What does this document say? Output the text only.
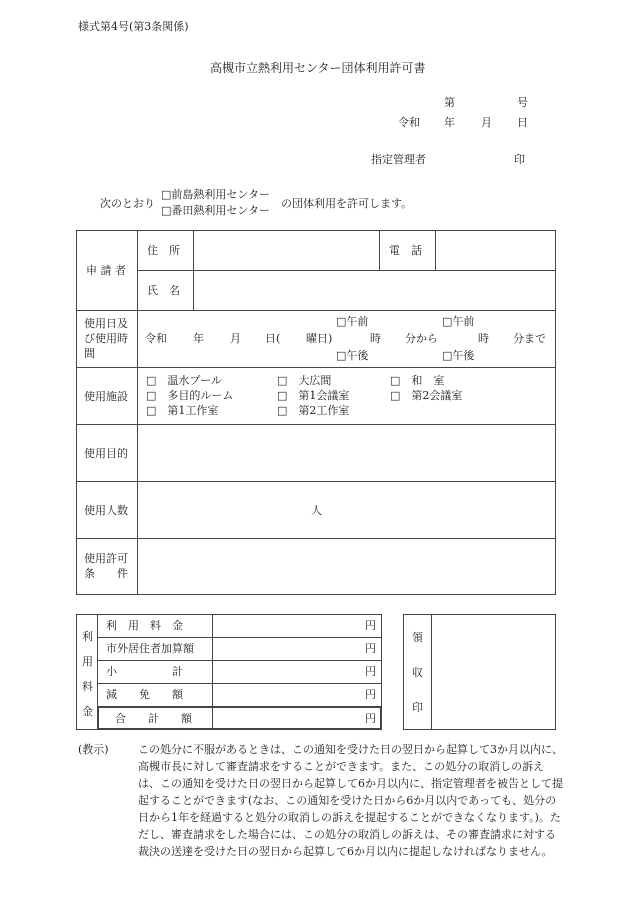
様式第4号(第3条関係)
高槻市立熱利用センター団体利用許可書
第	号
令和 年 月 日
指定管理者	印
次のとおり
□前島熱利用センター
□番田熱利用センター
の団体利用を許可します。
申 請 者
住　所	電　話
氏　名
使用日及
び使用時
間
□午前	□午前
令和 年 月 日( 曜日)	時 分から	時 分まで
□午後	□午後
使用施設
□　温水プール	□　大広間	□　和　室
□　多目的ルーム	□　第1会議室	□　第2会議室
□　第1工作室	□　第2工作室
使用目的
使用人数	人
使用許可
条　　件
利
用
料
金
利　用　料　金	円
市外居住者加算額	円
小　　　　　計	円
減　　免　　額	円
合　　計　　額	円
領
収
印
(教示)	この処分に不服があるときは、この通知を受けた日の翌日から起算して3か月以内に、高槻市長に対して審査請求をすることができます。また、この処分の取消しの訴えは、この通知を受けた日の翌日から起算して6か月以内に、指定管理者を被告として提起することができます(なお、この通知を受けた日から6か月以内であっても、処分の日から1年を経過すると処分の取消しの訴えを提起することができなくなります。)。ただし、審査請求をした場合には、この処分の取消しの訴えは、その審査請求に対する裁決の送達を受けた日の翌日から起算して6か月以内に提起しなければなりません。
